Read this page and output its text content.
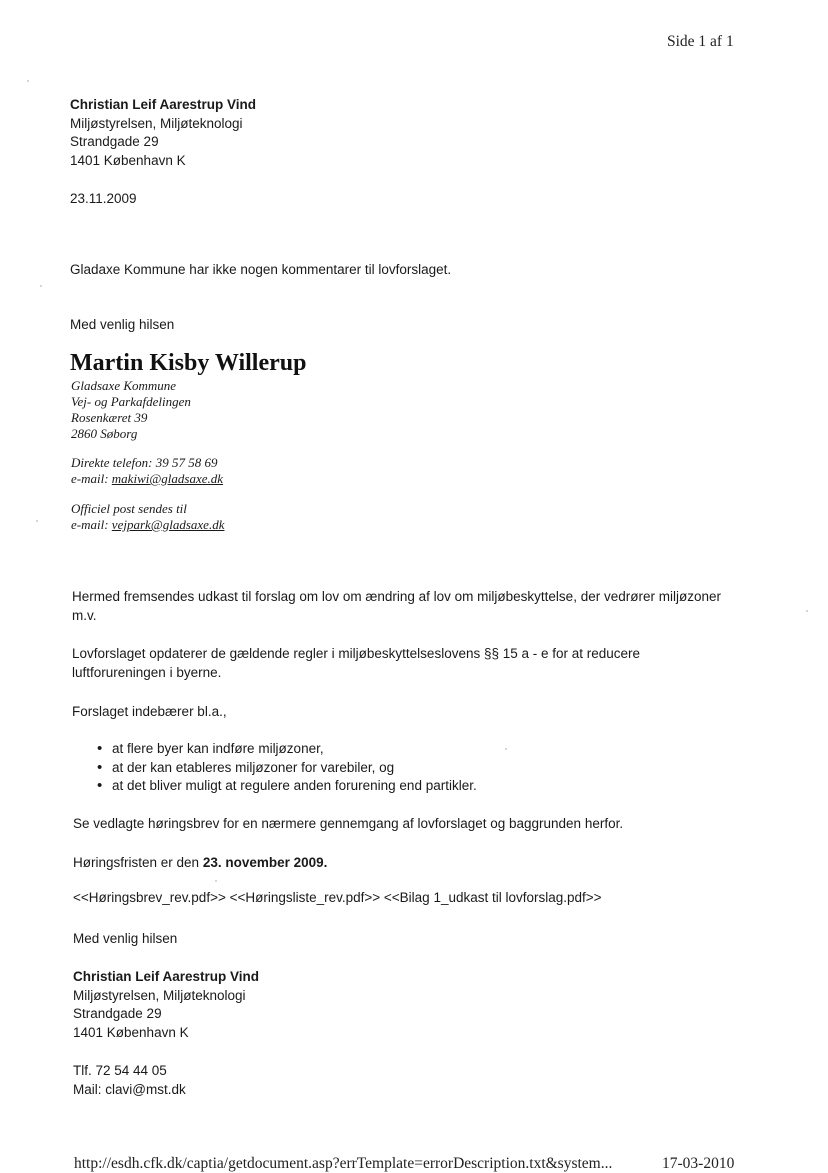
Side 1 af 1
Christian Leif Aarestrup Vind
Miljøstyrelsen, Miljøteknologi
Strandgade 29
1401 København K
23.11.2009
Gladaxe Kommune har ikke nogen kommentarer til lovforslaget.
Med venlig hilsen
Martin Kisby Willerup
Gladsaxe Kommune
Vej- og Parkafdelingen
Rosenkæret 39
2860 Søborg
Direkte telefon: 39 57 58 69
e-mail: makiwi@gladsaxe.dk
Officiel post sendes til
e-mail: vejpark@gladsaxe.dk
Hermed fremsendes udkast til forslag om lov om ændring af lov om miljøbeskyttelse, der vedrører miljøzoner
m.v.
Lovforslaget opdaterer de gældende regler i miljøbeskyttelseslovens §§ 15 a - e for at reducere
luftforureningen i byerne.
Forslaget indebærer bl.a.,
• at flere byer kan indføre miljøzoner,
• at der kan etableres miljøzoner for varebiler, og
• at det bliver muligt at regulere anden forurening end partikler.
Se vedlagte høringsbrev for en nærmere gennemgang af lovforslaget og baggrunden herfor.
Høringsfristen er den 23. november 2009.
<<Høringsbrev_rev.pdf>> <<Høringsliste_rev.pdf>> <<Bilag 1_udkast til lovforslag.pdf>>
Med venlig hilsen
Christian Leif Aarestrup Vind
Miljøstyrelsen, Miljøteknologi
Strandgade 29
1401 København K
Tlf. 72 54 44 05
Mail: clavi@mst.dk
http://esdh.cfk.dk/captia/getdocument.asp?errTemplate=errorDescription.txt&system...	17-03-2010
